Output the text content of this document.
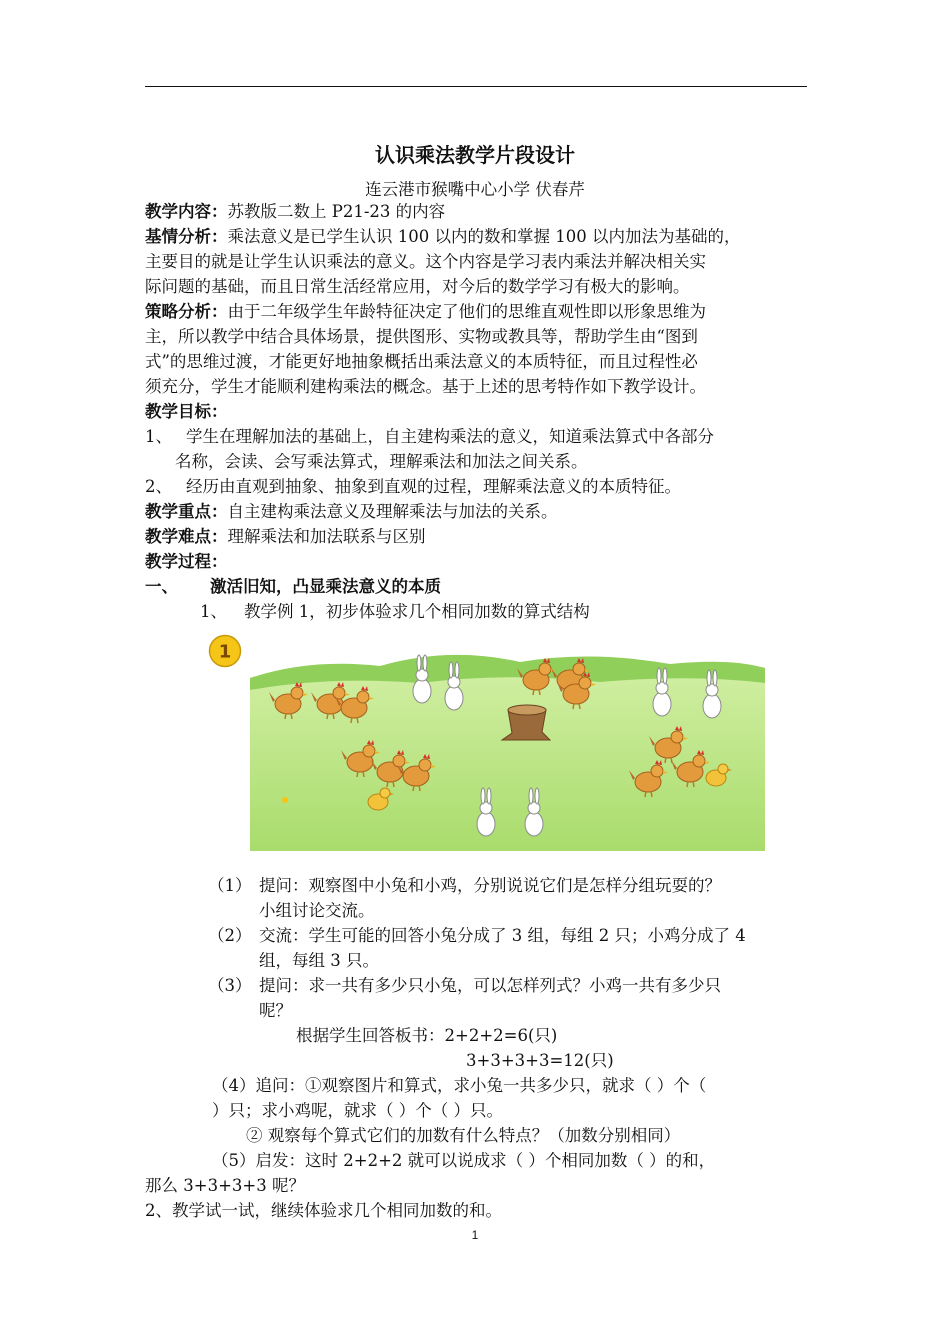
认识乘法教学片段设计
连云港市猴嘴中心小学 伏春芹
教学内容：苏教版二数上 P21-23 的内容
基情分析：乘法意义是已学生认识 100 以内的数和掌握 100 以内加法为基础的，
主要目的就是让学生认识乘法的意义。这个内容是学习表内乘法并解决相关实
际问题的基础，而且日常生活经常应用，对今后的数学学习有极大的影响。
策略分析：由于二年级学生年龄特征决定了他们的思维直观性即以形象思维为
主，所以教学中结合具体场景，提供图形、实物或教具等，帮助学生由“图到
式”的思维过渡，才能更好地抽象概括出乘法意义的本质特征，而且过程性必
须充分，学生才能顺利建构乘法的概念。基于上述的思考特作如下教学设计。
教学目标：
1、 学生在理解加法的基础上，自主建构乘法的意义，知道乘法算式中各部分
名称，会读、会写乘法算式，理解乘法和加法之间关系。
2、 经历由直观到抽象、抽象到直观的过程，理解乘法意义的本质特征。
教学重点：自主建构乘法意义及理解乘法与加法的关系。
教学难点：理解乘法和加法联系与区别
教学过程：
一、 激活旧知，凸显乘法意义的本质
1、 教学例 1，初步体验求几个相同加数的算式结构
1
（1） 提问：观察图中小兔和小鸡，分别说说它们是怎样分组玩耍的？
小组讨论交流。
（2） 交流：学生可能的回答小兔分成了 3 组，每组 2 只；小鸡分成了 4
组，每组 3 只。
（3） 提问：求一共有多少只小兔，可以怎样列式？小鸡一共有多少只
呢？
根据学生回答板书：2+2+2=6(只)
3+3+3+3=12(只)
（4）追问：①观察图片和算式，求小兔一共多少只，就求（ ）个（
）只；求小鸡呢，就求（ ）个（ ）只。
② 观察每个算式它们的加数有什么特点？（加数分别相同）
（5）启发：这时 2+2+2 就可以说成求（ ）个相同加数（ ）的和，
那么 3+3+3+3 呢？
2、教学试一试，继续体验求几个相同加数的和。
1
